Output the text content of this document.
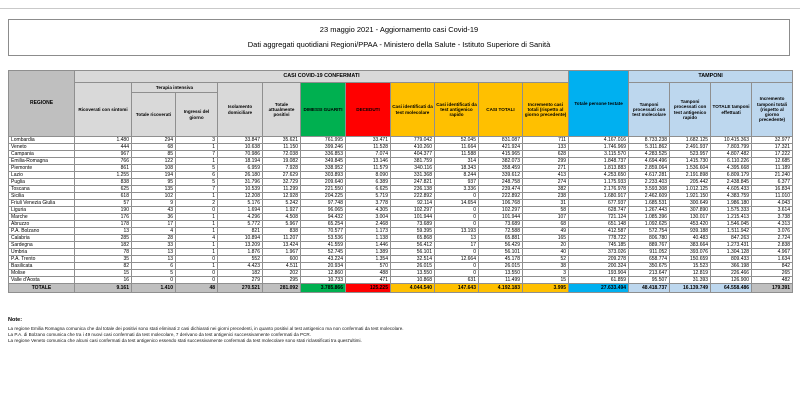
23 maggio 2021 - Aggiornamento casi Covid-19
Dati aggregati quotidiani Regioni/PPAA - Ministero della Salute - Istituto Superiore di Sanità
REGIONE	CASI COVID-19 CONFERMATI											Totale persone testate	TAMPONI			
	Ricoverati con sintomi	Terapia intensiva		Isolamento domiciliare	Totale attualmente positivi	DIMESSI GUARITI	DECEDUTI	Casi identificati da test molecolare	Casi identificati da test antigenico rapido	CASI TOTALI	Incremento casi totali (rispetto al giorno precedente)		Tamponi processati con test molecolare	Tamponi processati con test antigenico rapido	TOTALE tamponi effettuati	Incremento tamponi totali (rispetto al giorno precedente)
		Totale ricoverati	Ingressi del giorno													
Lombardia	1.480	294	3	33.847	35.621	761.995	33.471	779.042	52.045	831.087	711	4.167.016	8.733.238	1.682.125	10.415.363	32.977
Veneto	444	68	1	10.638	11.150	399.246	11.528	410.260	11.664	421.924	133	1.746.969	5.311.862	2.491.937	7.803.799	17.321
Campania	967	85	7	70.986	72.038	336.853	7.074	404.377	11.588	415.965	628	3.115.570	4.283.525	523.957	4.807.482	17.222
Emilia-Romagna	766	122	1	18.194	19.082	349.845	13.146	381.759	314	382.073	299	1.848.737	4.694.496	1.415.730	6.110.226	12.685
Piemonte	861	108	5	6.959	7.928	338.952	11.579	340.116	18.343	358.459	271	1.813.883	2.859.064	1.536.604	4.395.668	11.189
Lazio	1.255	194	6	26.180	27.629	303.893	8.090	331.368	8.244	339.612	413	4.253.650	4.617.281	2.191.898	6.809.179	21.240
Puglia	838	95	5	31.796	32.729	209.640	6.389	247.821	937	248.758	274	1.175.933	2.233.403	205.442	2.438.845	6.377
Toscana	625	135	7	10.539	11.299	221.550	6.625	236.138	3.336	239.474	382	2.176.978	3.593.308	1.012.125	4.605.433	16.834
Sicilia	618	102	1	12.208	12.928	204.225	5.719	222.892	0	222.892	238	1.680.917	2.462.609	1.921.150	4.383.759	11.010
Friuli Venezia Giulia	57	9	2	5.176	5.242	97.748	3.778	92.114	14.654	106.768	31	677.937	1.685.531	300.649	1.986.180	4.043
Liguria	190	43	0	1.694	1.927	96.065	4.305	102.297	0	102.297	58	628.747	1.267.443	307.890	1.575.333	3.614
Marche	176	36	1	4.296	4.508	94.432	3.004	101.944	0	101.944	107	721.124	1.085.396	130.017	1.215.413	3.738
Abruzzo	178	17	1	5.772	5.967	65.254	2.468	73.689	0	73.689	68	651.148	1.092.625	453.420	1.546.045	4.313
P.A. Bolzano	13	4	1	821	838	70.577	1.173	59.395	13.193	72.588	49	412.587	572.754	939.188	1.511.942	3.076
Calabria	285	28	4	10.894	11.207	53.536	1.138	65.868	13	65.881	165	778.722	806.780	40.483	847.263	2.724
Sardegna	182	33	1	13.209	13.424	41.559	1.446	56.412	17	56.429	20	745.185	889.767	383.664	1.273.431	2.838
Umbria	78	13	1	1.876	1.967	52.745	1.389	56.101	0	56.101	40	373.026	911.052	393.076	1.304.128	4.967
P.A. Trento	35	13	0	552	600	43.224	1.354	32.514	12.664	45.178	52	209.278	658.774	150.659	809.433	1.634
Basilicata	82	6	1	4.423	4.511	20.934	570	26.015	0	26.015	38	200.324	350.675	15.523	366.198	842
Molise	15	5	0	182	202	12.860	488	13.550	0	13.550	3	193.904	213.647	12.819	226.466	265
Valle d'Aosta	16	0	0	279	295	10.733	471	10.868	631	11.499	15	61.859	95.507	31.393	126.900	482
TOTALE	9.161	1.410	48	270.521	281.092	3.785.866	125.225	4.044.540	147.643	4.192.183	3.995	27.633.494	48.418.737	16.139.749	64.558.486	179.391
Note:
La regione Emilia Romagna comunica che dal totale dei positivi sono stati eliminati 2 casi dichiarati nei giorni precedenti, in quanto positivi al test antigenico ma non confermati da test molecolare.
La P.A. di Bolzano comunica che tra i 49 nuovi casi confermati da test molecolare, 7 derivano da test antigenici successivamente confermati da PCR.
La regione Veneto comunica che alcuni casi confermati da test antigenico essendo stati successivamente confermati da test molecolare sono stati riclassificati tra quest'ultimi.
